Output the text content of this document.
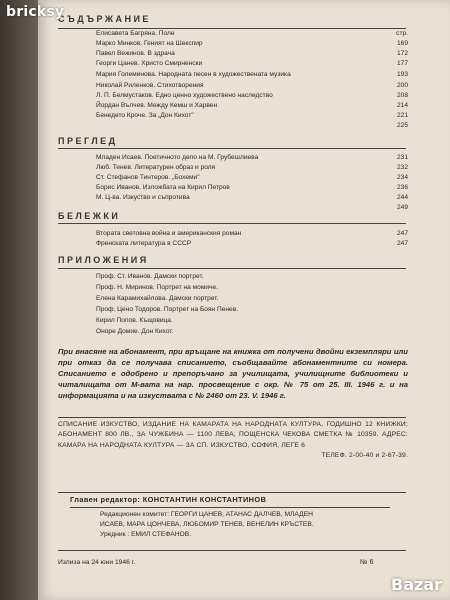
bricksy
СЪДЪРЖАНИЕ
Елисавета Багряна. Поле	стр.
Марко Минков. Геният на Шекспир	169
Павел Вежинов. В здрача	172
Георги Цанев. Христо Смирненски	177
Мария Големинова. Народната песен в художествената музика	193
Николай Риленков. Стихотворения	200
Л. П. Белмустаков. Едно ценно художествено наследство	208
Йордан Вълчев. Между Кемш и Харвен	214
Бенедето Кроче. За „Дон Кихот"	221
225
ПРЕГЛЕД
Младен Исаев. Поетичното дело на М. Грубешлиева	231
Люб. Тенев. Литературен образ и роля	232
Ст. Стефанов Тинтеров. „Бохеми"	234
Борис Иванов. Изложбата на Кирил Петров	236
М. Ц-ва. Изкуство и съпротива	244
249
БЕЛЕЖКИ
Втората световна война и американския роман	247
Френската литература в СССР	247
ПРИЛОЖЕНИЯ
Проф. Ст. Иванов. Дамски портрет.
Проф. Н. Миринов. Портрет на момиче.
Елена Карамихайлова. Дамски портрет.
Проф. Цено Тодоров. Портрет на Боян Пенев.
Кирил Попов. Къщовица.
Оноре Домие. Дон Кихот.
При внасяне на абонамент, при връщане на книжка от получени двойни екземпляри или при отказ да се получава списанието, съобщавайте абонаментните си номера. Списанието е одобрено и препоръчано за училищата, училищните библиотеки и читалищата от М-вата на нар. просвещение с окр. № 75 от 25. III. 1946 г. и на информацията и на изкуствата с № 2460 от 23. V. 1946 г.
СПИСАНИЕ ИЗКУСТВО, ИЗДАНИЕ НА КАМАРАТА НА НАРОДНАТА КУЛТУРА, ГОДИШНО 12 КНИЖКИ; АБОНАМЕНТ 800 ЛВ., ЗА ЧУЖБИНА — 1100 ЛЕВА, ПОЩЕНСКА ЧЕКОВА СМЕТКА № 10359. АДРЕС: КАМАРА НА НАРОДНАТА КУЛТУРА — ЗА СП. ИЗКУСТВО, СОФИЯ, ЛЕГЕ 6
ТЕЛЕФ. 2-00-40 и 2-67-39.
Главен редактор: КОНСТАНТИН КОНСТАНТИНОВ
Редакционен комитет: ГЕОРГИ ЦАНЕВ, АТАНАС ДАЛЧЕВ, МЛАДЕН
ИСАЕВ, МАРА ЦОНЧЕВА, ЛЮБОМИР ТЕНЕВ, ВЕНЕЛИН КРЪСТЕВ.
Уредник : ЕМИЛ СТЕФАНОВ.
Излиза на 24 юни 1946 г.	№ 6
Bazar
